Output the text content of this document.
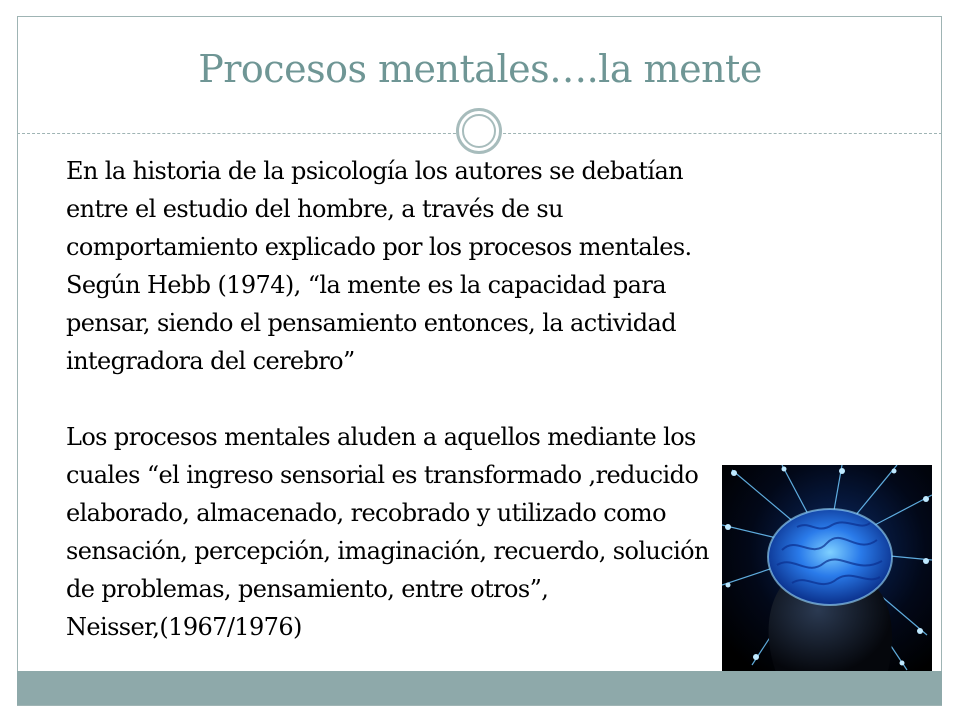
Procesos mentales….la mente

En la historia de la psicología los autores se debatían
entre el estudio del hombre, a través de su
comportamiento explicado por los procesos mentales.
Según Hebb (1974), “la mente es la capacidad para
pensar, siendo el pensamiento entonces, la actividad
integradora del cerebro”

Los procesos mentales aluden a aquellos mediante los
cuales “el ingreso sensorial es transformado ,reducido
elaborado, almacenado, recobrado y utilizado como
sensación, percepción, imaginación, recuerdo, solución
de problemas, pensamiento, entre otros”,
Neisser,(1967/1976)
